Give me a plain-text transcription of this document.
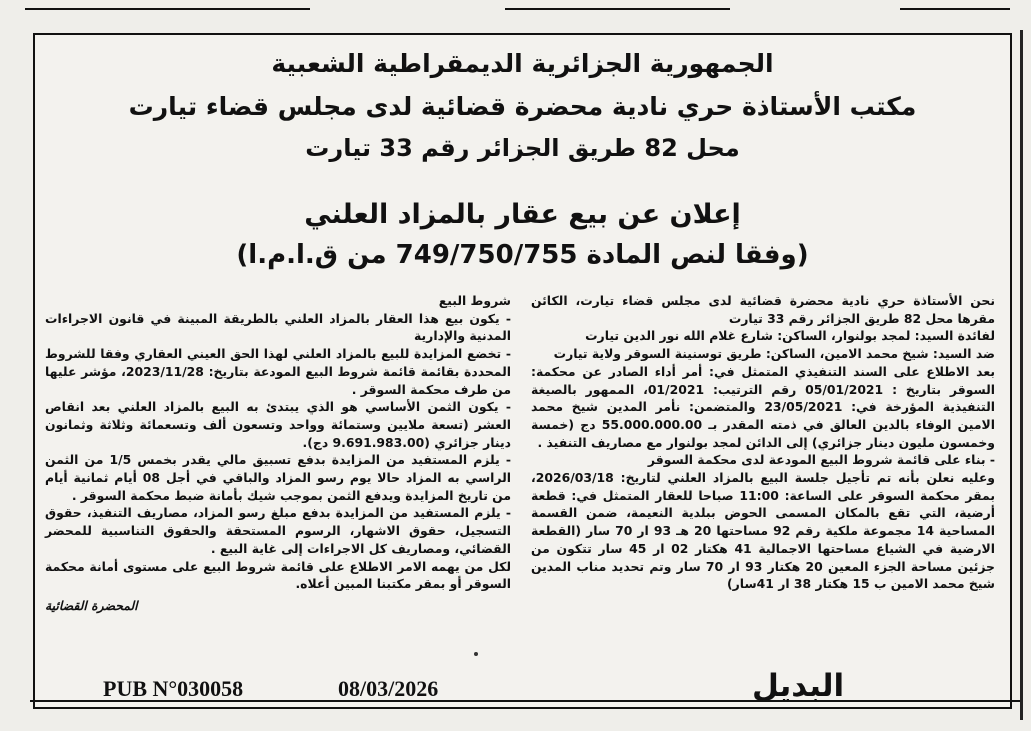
الجمهورية الجزائرية الديمقراطية الشعبية
مكتب الأستاذة حري نادية محضرة قضائية لدى مجلس قضاء تيارت
محل 82 طريق الجزائر رقم 33 تيارت
إعلان عن بيع عقار بالمزاد العلني
(وفقا لنص المادة 749/750/755 من ق.ا.م.ا)

نحن الأستاذة حري نادية محضرة قضائية لدى مجلس قضاء تيارت، الكائن مقرها محل 82 طريق الجزائر رقم 33 تيارت

لفائدة السيد: لمجد بولنوار، الساكن: شارع غلام الله نور الدين تيارت

ضد السيد: شيخ محمد الامين، الساكن: طريق توسنينة السوقر ولاية تيارت

بعد الاطلاع على السند التنفيذي المتمثل في: أمر أداء الصادر عن محكمة: السوقر بتاريخ : 05/01/2021 رقم الترتيب: 01/2021، الممهور بالصيغة التنفيذية المؤرخة في: 23/05/2021 والمتضمن: نأمر المدين شيخ محمد الامين الوفاء بالدين العالق في ذمته المقدر بـ 55.000.000.00 دج (خمسة وخمسون مليون دينار جزائري) إلى الدائن لمجد بولنوار مع مصاريف التنفيذ .

- بناء على قائمة شروط البيع المودعة لدى محكمة السوقر

وعليه نعلن بأنه تم تأجيل جلسة البيع بالمزاد العلني لتاريخ: 2026/03/18، بمقر محكمة السوقر على الساعة: 11:00 صباحا للعقار المتمثل في: قطعة أرضية، التي تقع بالمكان المسمى الحوض ببلدية النعيمة، ضمن القسمة المساحية 14 مجموعة ملكية رقم 92 مساحتها 20 هـ 93 ار 70 سار (القطعة الارضية في الشياع مساحتها الاجمالية 41 هكتار 02 ار 45 سار تتكون من جزئين مساحة الجزء المعين 20 هكتار 93 ار 70 سار وتم تحديد مناب المدين شيخ محمد الامين ب 15 هكتار 38 ار 41سار)

شروط البيع

- يكون بيع هذا العقار بالمزاد العلني بالطريقة المبينة في قانون الاجراءات المدنية والإدارية

- تخضع المزايدة للبيع بالمزاد العلني لهذا الحق العيني العقاري وفقا للشروط المحددة بقائمة قائمة شروط البيع المودعة بتاريخ: 2023/11/28، مؤشر عليها من طرف محكمة السوقر .

- يكون الثمن الأساسي هو الذي يبتدئ به البيع بالمزاد العلني بعد انقاص العشر (تسعة ملايين وستمائة وواحد وتسعون ألف وتسعمائة وثلاثة وثمانون دينار جزائري (9.691.983.00 دج).

- يلزم المستفيد من المزايدة بدفع تسبيق مالي يقدر بخمس 1/5 من الثمن الراسي به المزاد حالا يوم رسو المزاد والباقي في أجل 08 أيام ثمانية أيام من تاريخ المزايدة ويدفع الثمن بموجب شيك بأمانة ضبط محكمة السوقر .

- يلزم المستفيد من المزايدة بدفع مبلغ رسو المزاد، مصاريف التنفيذ، حقوق التسجيل، حقوق الاشهار، الرسوم المستحقة والحقوق التناسبية للمحضر القضائي، ومصاريف كل الاجراءات إلى غاية البيع .

لكل من يهمه الامر الاطلاع على قائمة شروط البيع على مستوى أمانة محكمة السوقر أو بمقر مكتبنا المبين أعلاه.

المحضرة القضائية

PUB N°030058	08/03/2026	البديل
